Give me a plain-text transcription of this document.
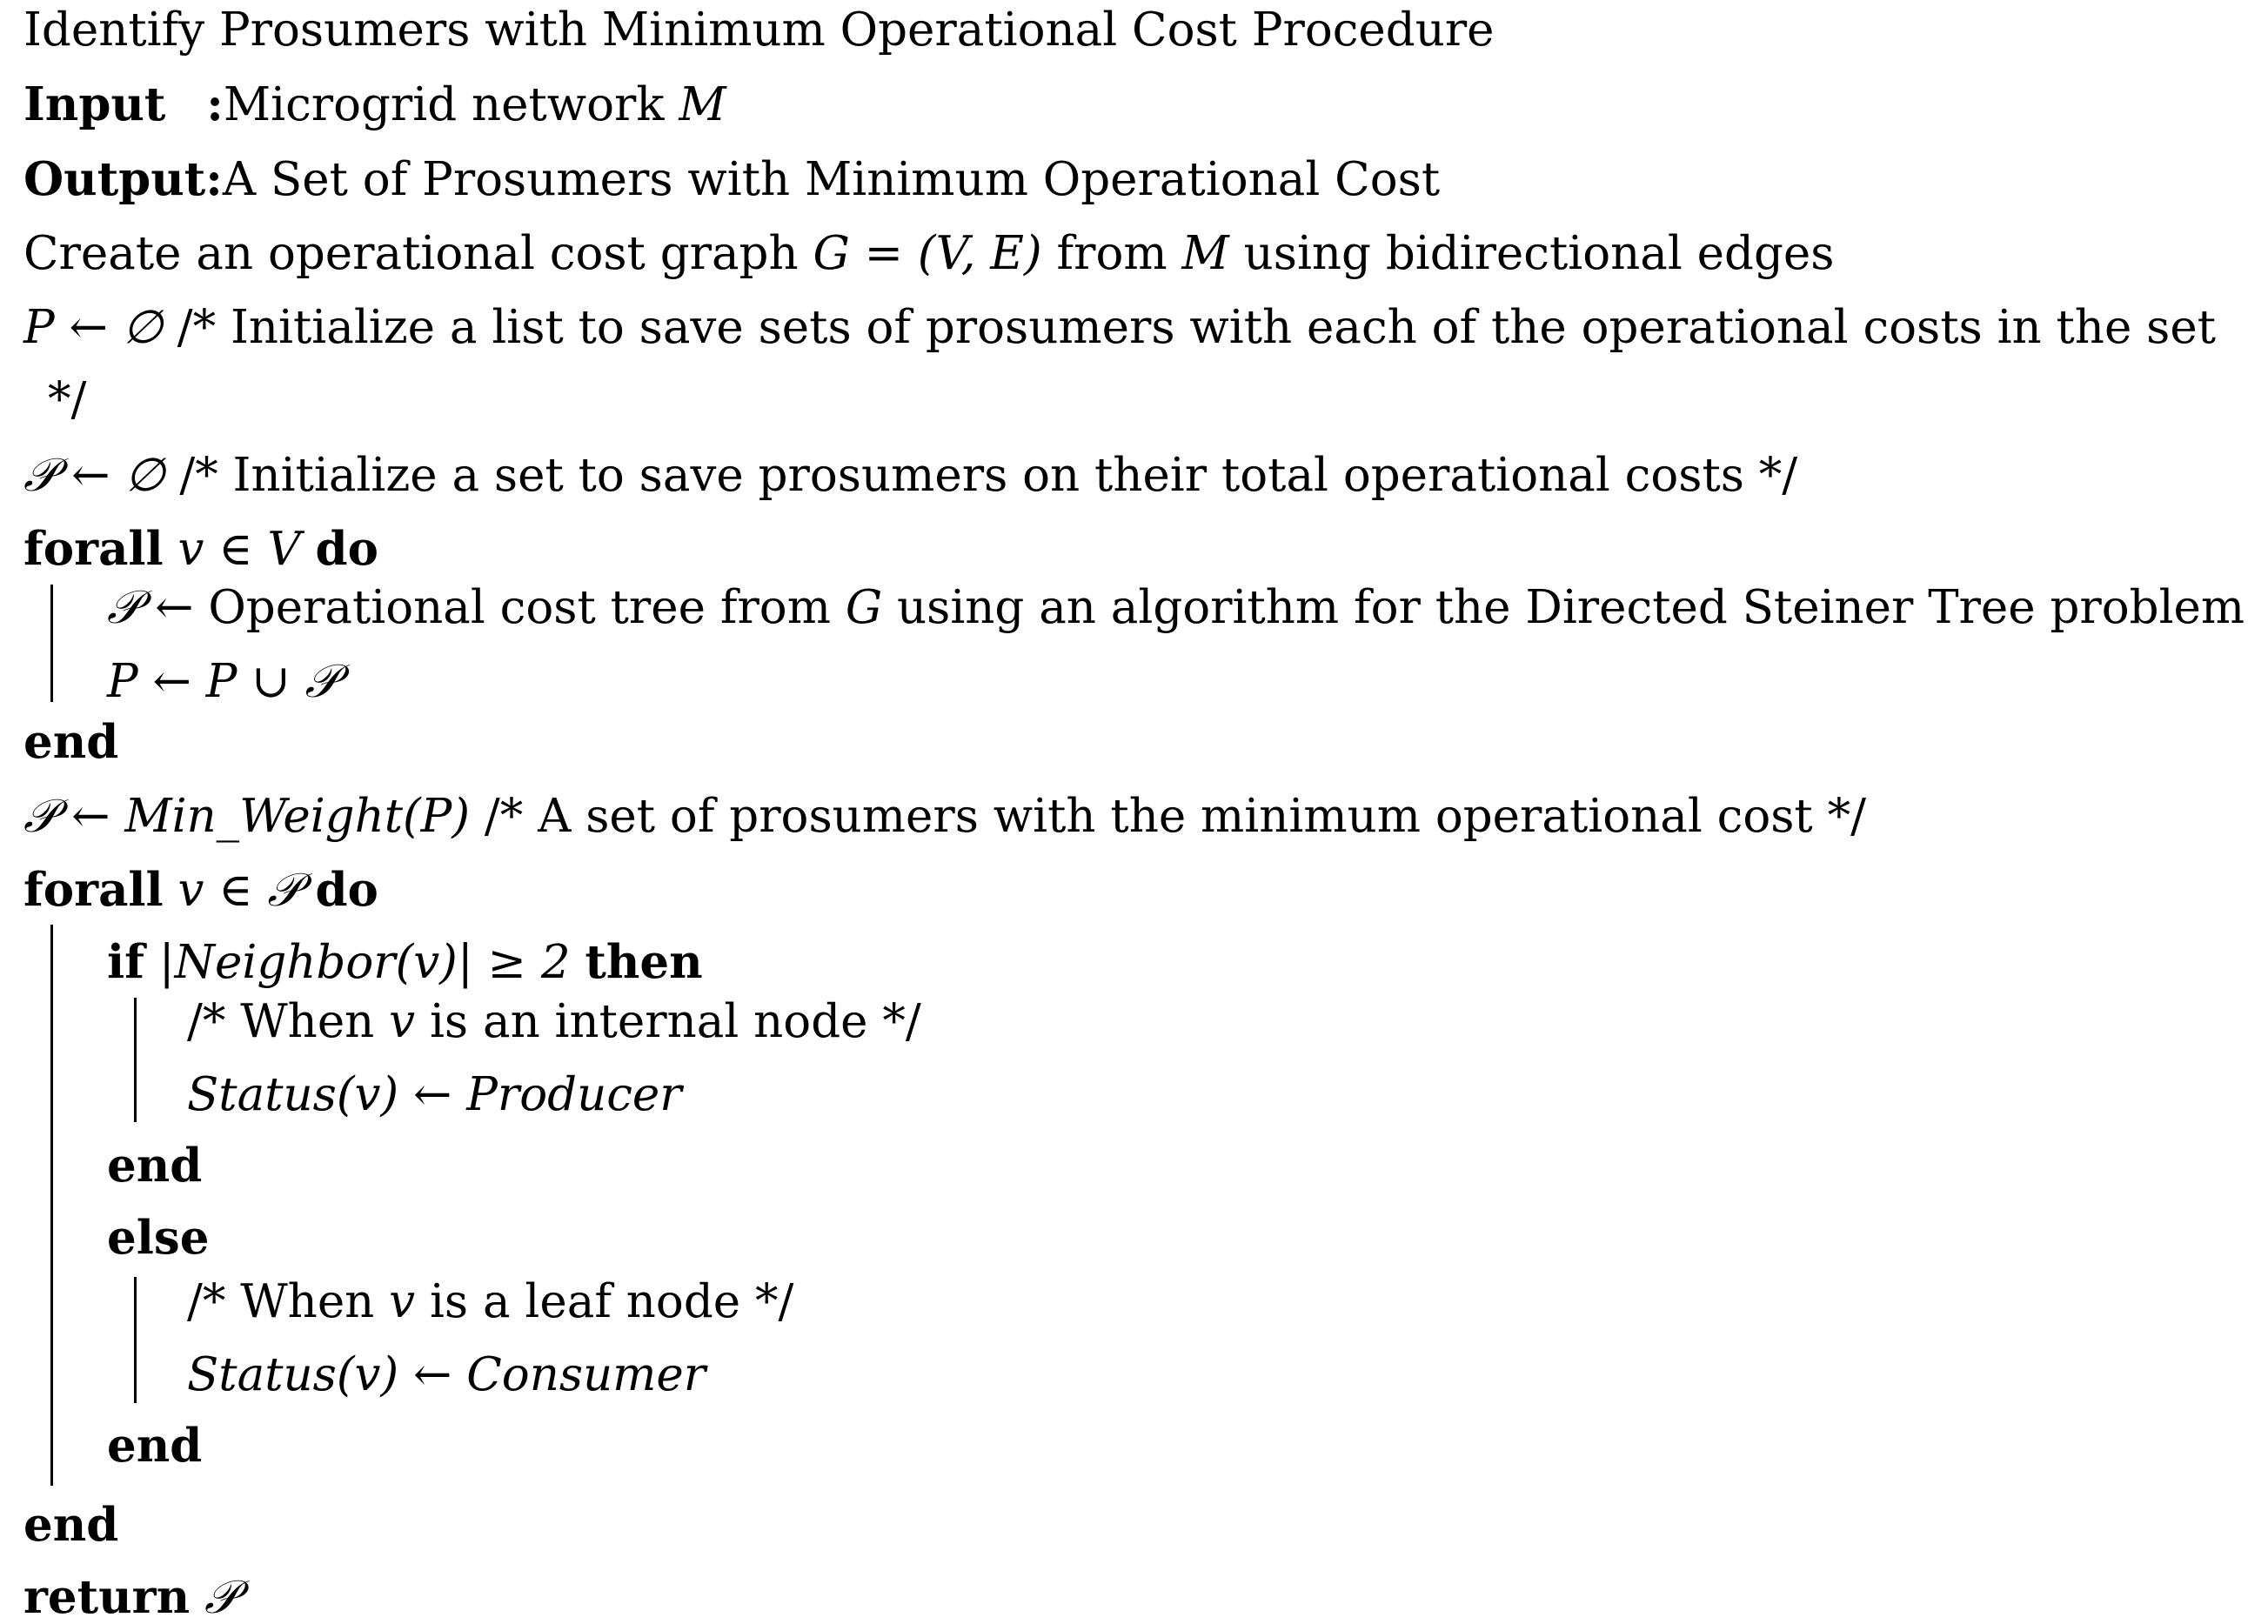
Identify Prosumers with Minimum Operational Cost Procedure
Input :Microgrid network M
Output:A Set of Prosumers with Minimum Operational Cost
Create an operational cost graph G = (V, E) from M using bidirectional edges
P ← ∅ /* Initialize a list to save sets of prosumers with each of the operational costs in the set
*/
𝒫 ← ∅ /* Initialize a set to save prosumers on their total operational costs */
forall v ∈ V do
𝒫 ← Operational cost tree from G using an algorithm for the Directed Steiner Tree problem
P ← P ∪ 𝒫
end
𝒫 ← Min_Weight(P) /* A set of prosumers with the minimum operational cost */
forall v ∈ 𝒫 do
if |Neighbor(v)| ≥ 2 then
/* When v is an internal node */
Status(v) ← Producer
end
else
/* When v is a leaf node */
Status(v) ← Consumer
end
end
return 𝒫
